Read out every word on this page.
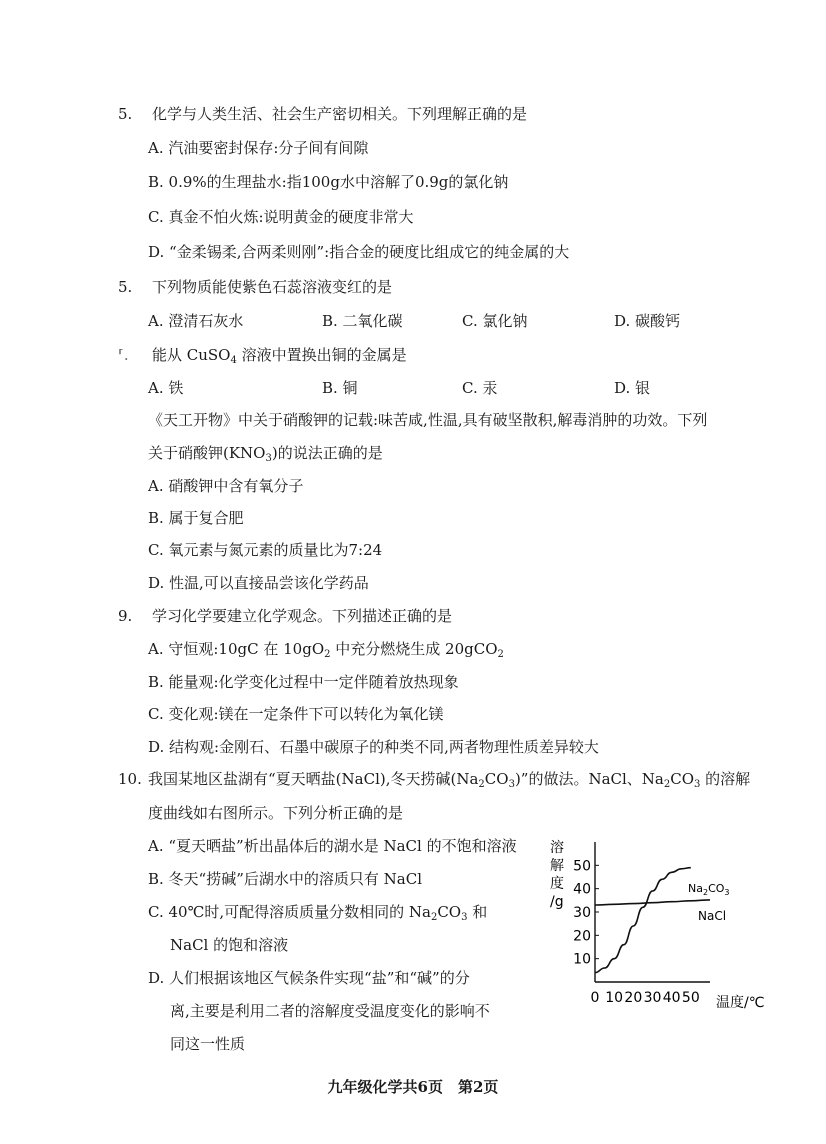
5. 化学与人类生活、社会生产密切相关。下列理解正确的是
A. 汽油要密封保存:分子间有间隙
B. 0.9%的生理盐水:指100g水中溶解了0.9g的氯化钠
C. 真金不怕火炼:说明黄金的硬度非常大
D. “金柔锡柔,合两柔则刚”:指合金的硬度比组成它的纯金属的大
5. 下列物质能使紫色石蕊溶液变红的是
A. 澄清石灰水	B. 二氧化碳	C. 氯化钠	D. 碳酸钙
⸢. 能从 CuSO$_4$ 溶液中置换出铜的金属是
A. 铁	B. 铜	C. 汞	D. 银
《天工开物》中关于硝酸钾的记载:味苦咸,性温,具有破坚散积,解毒消肿的功效。下列
关于硝酸钾$(KNO_3)$的说法正确的是
A. 硝酸钾中含有氧分子
B. 属于复合肥
C. 氧元素与氮元素的质量比为7:24
D. 性温,可以直接品尝该化学药品
9. 学习化学要建立化学观念。下列描述正确的是
A. 守恒观:10gC 在 $10gO_2$ 中充分燃烧生成 20gCO$_2$
B. 能量观:化学变化过程中一定伴随着放热现象
C. 变化观:镁在一定条件下可以转化为氧化镁
D. 结构观:金刚石、石墨中碳原子的种类不同,两者物理性质差异较大
10. 我国某地区盐湖有“夏天晒盐(NaCl),冬天捞碱$(Na_2CO_3)$”的做法。NaCl、$Na_2CO_3$ 的溶解
度曲线如右图所示。下列分析正确的是
A. “夏天晒盐”析出晶体后的湖水是 NaCl 的不饱和溶液
B. 冬天“捞碱”后湖水中的溶质只有 NaCl
C. 40℃时,可配得溶质质量分数相同的 $Na_2CO_3$ 和
NaCl 的饱和溶液
D. 人们根据该地区气候条件实现“盐”和“碱”的分
离,主要是利用二者的溶解度受温度变化的影响不
同这一性质
溶
解
度
/g
10
20
30
40
50
0 10 20 30 40 50 温度/℃
NaCl
$Na_2CO_3$
九年级化学共6页　第2页
